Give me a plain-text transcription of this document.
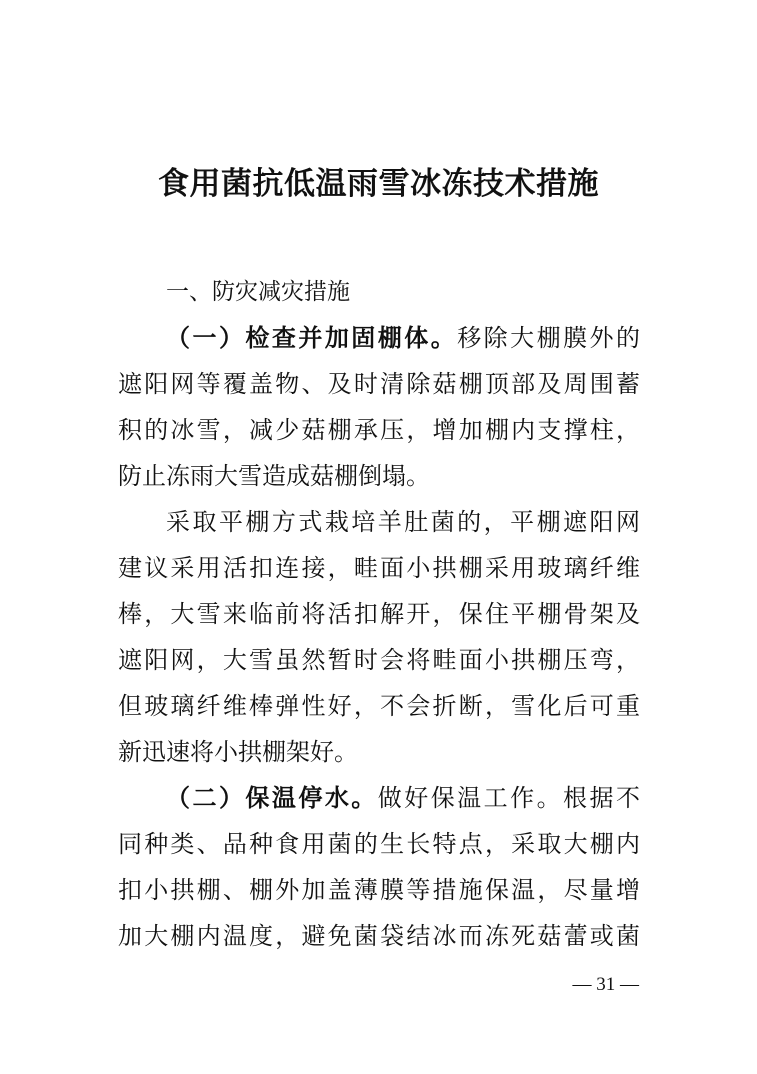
食用菌抗低温雨雪冰冻技术措施
一、防灾减灾措施
（一）检查并加固棚体。移除大棚膜外的
遮阳网等覆盖物、及时清除菇棚顶部及周围蓄
积的冰雪，减少菇棚承压，增加棚内支撑柱，
防止冻雨大雪造成菇棚倒塌。
采取平棚方式栽培羊肚菌的，平棚遮阳网
建议采用活扣连接，畦面小拱棚采用玻璃纤维
棒，大雪来临前将活扣解开，保住平棚骨架及
遮阳网，大雪虽然暂时会将畦面小拱棚压弯，
但玻璃纤维棒弹性好，不会折断，雪化后可重
新迅速将小拱棚架好。
（二）保温停水。做好保温工作。根据不
同种类、品种食用菌的生长特点，采取大棚内
扣小拱棚、棚外加盖薄膜等措施保温，尽量增
加大棚内温度，避免菌袋结冰而冻死菇蕾或菌
— 31 —
